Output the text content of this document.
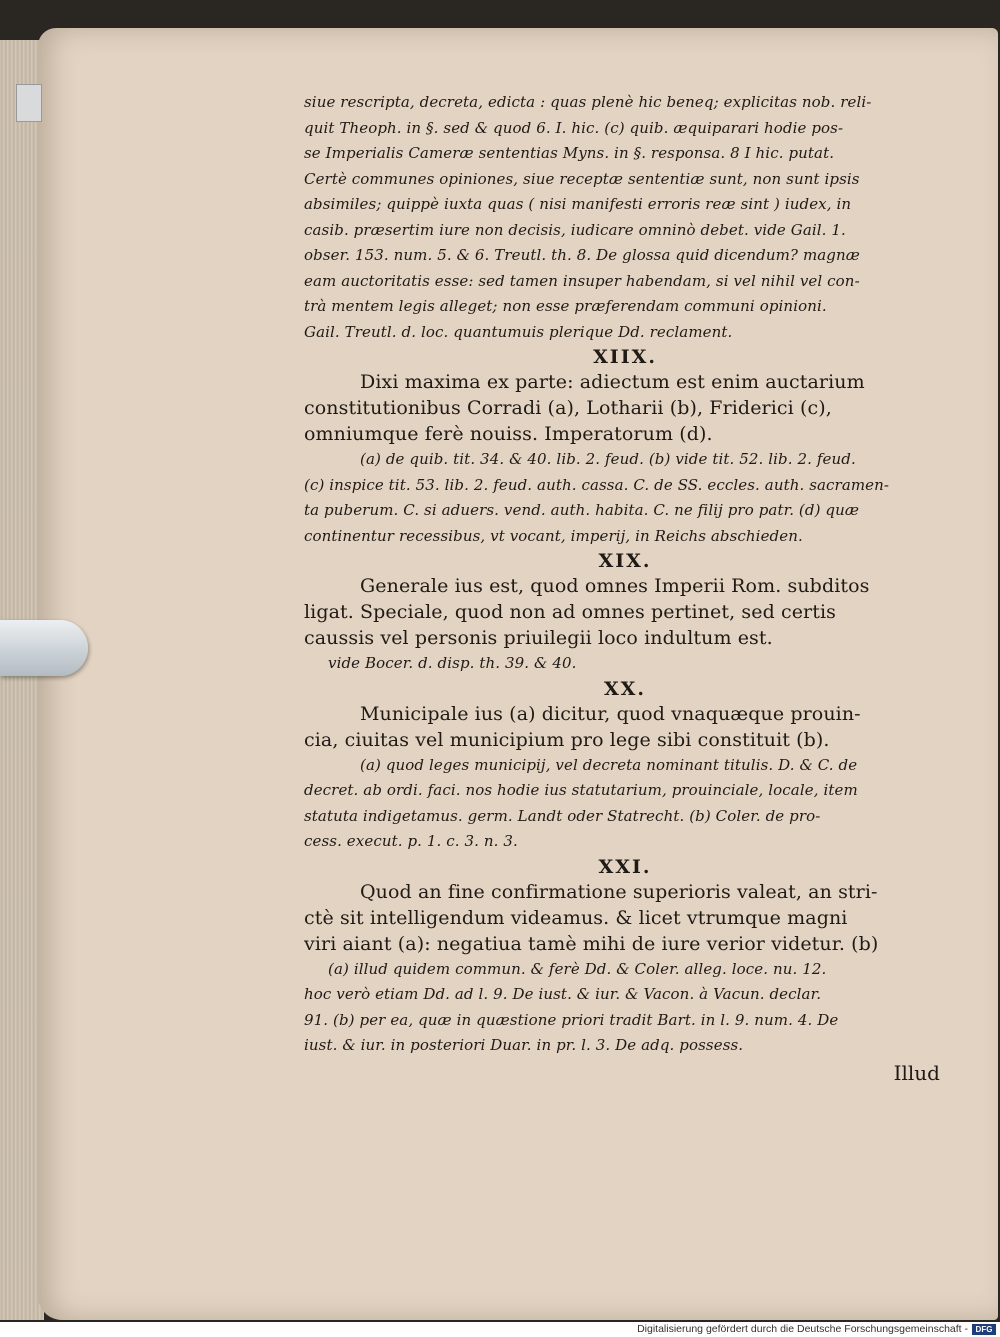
siue rescripta, decreta, edicta : quas plenè hic beneq; explicitas nob. reli-

quit Theoph. in §. sed & quod 6. I. hic. (c) quib. æquiparari hodie pos-

se Imperialis Cameræ sententias Myns. in §. responsa. 8 I hic. putat.

Certè communes opiniones, siue receptæ sententiæ sunt, non sunt ipsis

absimiles; quippè iuxta quas ( nisi manifesti erroris reæ sint ) iudex, in

casib. præsertim iure non decisis, iudicare omninò debet. vide Gail. 1.

obser. 153. num. 5. & 6. Treutl. th. 8. De glossa quid dicendum? magnæ

eam auctoritatis esse: sed tamen insuper habendam, si vel nihil vel con-

trà mentem legis alleget; non esse præferendam communi opinioni.

Gail. Treutl. d. loc. quantumuis plerique Dd. reclament.

XIIX.

Dixi maxima ex parte: adiectum est enim auctarium

constitutionibus Corradi (a), Lotharii (b), Friderici (c),

omniumque ferè nouiss. Imperatorum (d).

(a) de quib. tit. 34. & 40. lib. 2. feud. (b) vide tit. 52. lib. 2. feud.

(c) inspice tit. 53. lib. 2. feud. auth. cassa. C. de SS. eccles. auth. sacramen-

ta puberum. C. si aduers. vend. auth. habita. C. ne filij pro patr. (d) quæ

continentur recessibus, vt vocant, imperij, in Reichs abschieden.

XIX.

Generale ius est, quod omnes Imperii Rom. subditos

ligat. Speciale, quod non ad omnes pertinet, sed certis

caussis vel personis priuilegii loco indultum est.

vide Bocer. d. disp. th. 39. & 40.

XX.

Municipale ius (a) dicitur, quod vnaquæque prouin-

cia, ciuitas vel municipium pro lege sibi constituit (b).

(a) quod leges municipij, vel decreta nominant titulis. D. & C. de

decret. ab ordi. faci. nos hodie ius statutarium, prouinciale, locale, item

statuta indigetamus. germ. Landt oder Statrecht. (b) Coler. de pro-

cess. execut. p. 1. c. 3. n. 3.

XXI.

Quod an fine confirmatione superioris valeat, an stri-

ctè sit intelligendum videamus. & licet vtrumque magni

viri aiant (a): negatiua tamè mihi de iure verior videtur. (b)

(a) illud quidem commun. & ferè Dd. & Coler. alleg. loce. nu. 12.

hoc verò etiam Dd. ad l. 9. De iust. & iur. & Vacon. à Vacun. declar.

91. (b) per ea, quæ in quæstione priori tradit Bart. in l. 9. num. 4. De

iust. & iur. in posteriori Duar. in pr. l. 3. De adq. possess.

Illud

Digitalisierung gefördert durch die Deutsche Forschungsgemeinschaft - DFG
